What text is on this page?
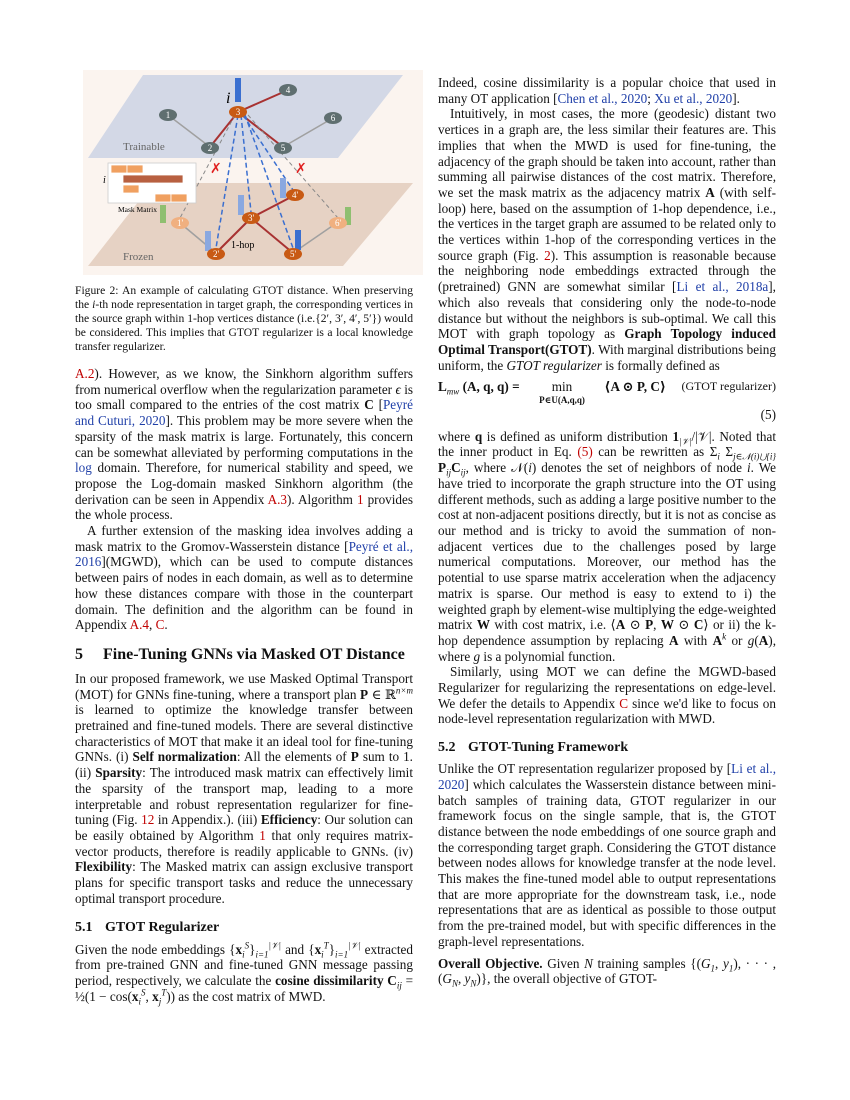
✗	✗
i
Mask Matrix
Trainable
Frozen
1-hop
i
1
2
3
4
5
6
1'
2'
3'
4'
5'
6'

Figure 2: An example of calculating GTOT distance. When preserving the i-th node representation in target graph, the corresponding vertices in the source graph within 1-hop vertices distance (i.e.{2′, 3′, 4′, 5′}) would be considered. This implies that GTOT regularizer is a local knowledge transfer regularizer.

A.2). However, as we know, the Sinkhorn algorithm suffers from numerical overflow when the regularization parameter ϵ is too small compared to the entries of the cost matrix C [Peyré and Cuturi, 2020]. This problem may be more severe when the sparsity of the mask matrix is large. Fortunately, this concern can be somewhat alleviated by performing computations in the log domain. Therefore, for numerical stability and speed, we propose the Log-domain masked Sinkhorn algorithm (the derivation can be seen in Appendix A.3). Algorithm 1 provides the whole process.

A further extension of the masking idea involves adding a mask matrix to the Gromov-Wasserstein distance [Peyré et al., 2016](MGWD), which can be used to compute distances between pairs of nodes in each domain, as well as to determine how these distances compare with those in the counterpart domain. The definition and the algorithm can be found in Appendix A.4, C.

5 Fine-Tuning GNNs via Masked OT Distance

In our proposed framework, we use Masked Optimal Transport (MOT) for GNNs fine-tuning, where a transport plan P ∈ ℝ$^{n\times m}$ is learned to optimize the knowledge transfer between pretrained and fine-tuned models. There are several distinctive characteristics of MOT that make it an ideal tool for fine-tuning GNNs. (i) Self normalization: All the elements of P sum to 1. (ii) Sparsity: The introduced mask matrix can effectively limit the sparsity of the transport map, leading to a more interpretable and robust representation regularizer for fine-tuning (Fig. 12 in Appendix.). (iii) Efficiency: Our solution can be easily obtained by Algorithm 1 that only requires matrix-vector products, therefore is readily applicable to GNNs. (iv) Flexibility: The Masked matrix can assign exclusive transport plans for specific transport tasks and reduce the unnecessary optimal transport procedure.

5.1 GTOT Regularizer

Given the node embeddings $\{x_i^S\}_{i=1}^{|𝒱|}$ and $\{x_i^T\}_{i=1}^{|𝒱|}$ extracted from pre-trained GNN and fine-tuned GNN message passing period, respectively, we calculate the cosine dissimilarity $C_{ij}$ = ½(1 − $\cos(x_i^S$, $x_j^T$)) as the cost matrix of MWD.

Indeed, cosine dissimilarity is a popular choice that used in many OT application [Chen et al., 2020; Xu et al., 2020].

Intuitively, in most cases, the more (geodesic) distant two vertices in a graph are, the less similar their features are. This implies that when the MWD is used for fine-tuning, the adjacency of the graph should be taken into account, rather than summing all pairwise distances of the cost matrix. Therefore, we set the mask matrix as the adjacency matrix A (with self-loop) here, based on the assumption of 1-hop dependence, i.e., the vertices in the target graph are assumed to be related only to the vertices within 1-hop of the corresponding vertices in the source graph (Fig. 2). This assumption is reasonable because the neighboring node embeddings extracted through the (pretrained) GNN are somewhat similar [Li et al., 2018a], which also reveals that considering only the node-to-node distance but without the neighbors is sub-optimal. We call this MOT with graph topology as Graph Topology induced Optimal Transport(GTOT). With marginal distributions being uniform, the GTOT regularizer is formally defined as

$L_{mw}$ (A, q, q) = min
P∈U(A,q,q)
⟨A ⊙ P, C⟩ (GTOT regularizer)
(5)

where q is defined as uniform distribution $1_{|𝒱|}/|𝒱|$. Noted that the inner product in Eq. (5) can be rewritten as $\Sigma_i$ $\Sigma_{j\in 𝒩(i)⋃\{i\}}$ $P_{ij}C_{ij}$, where 𝒩(i) denotes the set of neighbors of node i. We have tried to incorporate the graph structure into the OT using different methods, such as adding a large positive number to the cost at non-adjacent positions directly, but it is not as concise as our method and is tricky to avoid the summation of non-adjacent vertices due to the challenges posed by large numerical computations. Moreover, our method has the potential to use sparse matrix acceleration when the adjacency matrix is sparse. Our method is easy to extend to i) the weighted graph by element-wise multiplying the edge-weighted matrix W with cost matrix, i.e. ⟨A ⊙ P, W ⊙ C⟩ or ii) the k-hop dependence assumption by replacing A with $A^k$ or g(A), where g is a polynomial function.

Similarly, using MOT we can define the MGWD-based Regularizer for regularizing the representations on edge-level. We defer the details to Appendix C since we'd like to focus on node-level representation regularization with MWD.

5.2 GTOT-Tuning Framework

Unlike the OT representation regularizer proposed by [Li et al., 2020] which calculates the Wasserstein distance between mini-batch samples of training data, GTOT regularizer in our framework focus on the single sample, that is, the GTOT distance between the node embeddings of one source graph and the corresponding target graph. Considering the GTOT distance between nodes allows for knowledge transfer at the node level. This makes the fine-tuned model able to output representations that are more appropriate for the downstream task, i.e., node representations that are as identical as possible to those output from the pre-trained model, but with specific differences in the graph-level representations.

Overall Objective. Given N training samples {($G_1$, $y_1$), · · · , ($G_N$, $y_N$)}, the overall objective of GTOT-
